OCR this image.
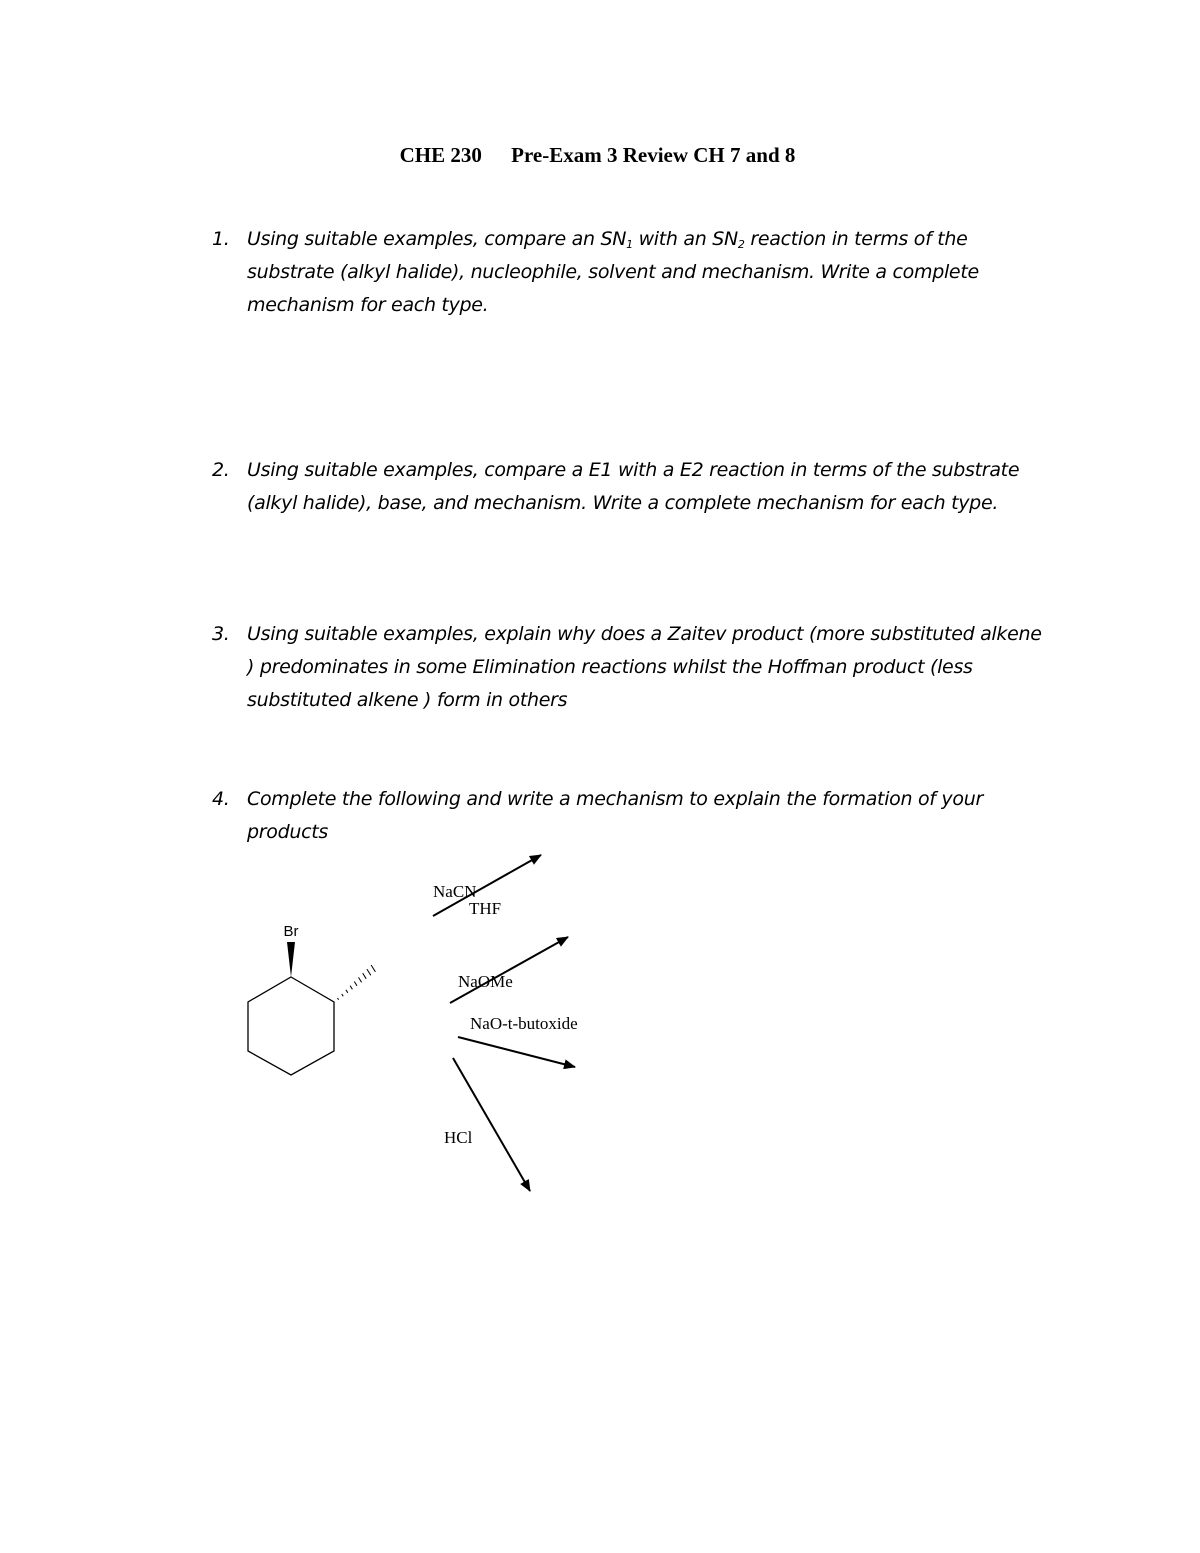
CHE 230 Pre-Exam 3 Review CH 7 and 8
1. Using suitable examples, compare an $SN_1$ with an $SN_2$ reaction in terms of the substrate (alkyl halide), nucleophile, solvent and mechanism. Write a complete mechanism for each type.
2. Using suitable examples, compare a E1 with a E2 reaction in terms of the substrate (alkyl halide), base, and mechanism. Write a complete mechanism for each type.
3. Using suitable examples, explain why does a Zaitev product (more substituted alkene ) predominates in some Elimination reactions whilst the Hoffman product (less substituted alkene ) form in others
4. Complete the following and write a mechanism to explain the formation of your products
Br
NaCN
THF
NaOMe
NaO-t-butoxide
HCl
